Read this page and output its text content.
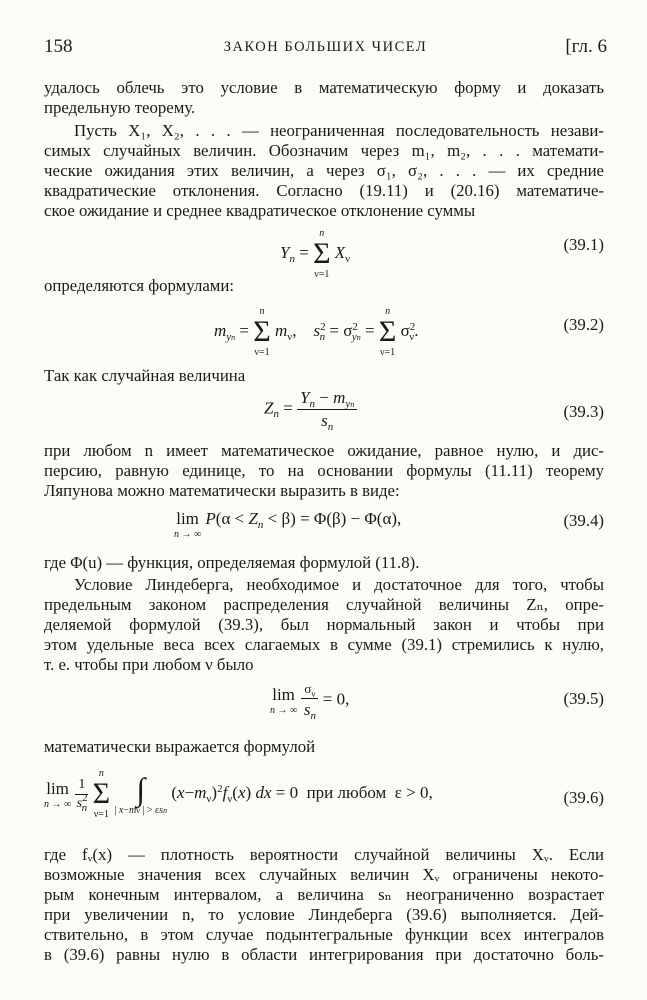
158	ЗАКОН БОЛЬШИХ ЧИСЕЛ	[гл. 6
удалось облечь это условие в математическую форму и доказать
предельную теорему.
Пусть X₁, X₂, . . . — неограниченная последовательность незави-
симых случайных величин. Обозначим через m₁, m₂, . . . математи-
ческие ожидания этих величин, а через σ₁, σ₂, . . . — их средние
квадратические отклонения. Согласно (19.11) и (20.16) математиче-
ское ожидание и среднее квадратическое отклонение суммы
$Y_n$ =
n
Σ
ν=1
$X_\nu$
(39.1)
определяются формулами:
$m_{yn}$ =
n
Σ
ν=1
$m_\nu$,    $s^2_n = \sigma^2_{yn}$ =
n
Σ
ν=1
$\sigma^2_\nu$.	(39.2)
Так как случайная величина
$Z_n = \frac{Y_n - m_{yn}}{s_n}$	(39.3)
при любом n имеет математическое ожидание, равное нулю, и дис-
персию, равную единице, то на основании формулы (11.11) теорему
Ляпунова можно математически выразить в виде:
lim
n → ∞
$P(\alpha < Z_n < \beta) = \Phi(\beta) - \Phi(\alpha)$,	(39.4)
где Φ(u) — функция, определяемая формулой (11.8).
Условие Линдеберга, необходимое и достаточное для того, чтобы
предельным законом распределения случайной величины Zₙ, опре-
деляемой формулой (39.3), был нормальный закон и чтобы при
этом удельные веса всех слагаемых в сумме (39.1) стремились к нулю,
т. е. чтобы при любом ν было
lim
n → ∞
$\frac{\sigma_\nu}{s_n} = 0$,	(39.5)
математически выражается формулой
lim
n → ∞
$\frac{1}{s^2_n}$

n
Σ
ν=1
∫
| x−mν | > εsn
$(x-m_\nu)^2f_\nu(x)$ dx = 0  при любом  ε > 0,	(39.6)
где fᵥ(x) — плотность вероятности случайной величины Xᵥ. Если
возможные значения всех случайных величин Xᵥ ограничены некото-
рым конечным интервалом, а величина sₙ неограниченно возрастает
при увеличении n, то условие Линдеберга (39.6) выполняется. Дей-
ствительно, в этом случае подынтегральные функции всех интегралов
в (39.6) равны нулю в области интегрирования при достаточно боль-
